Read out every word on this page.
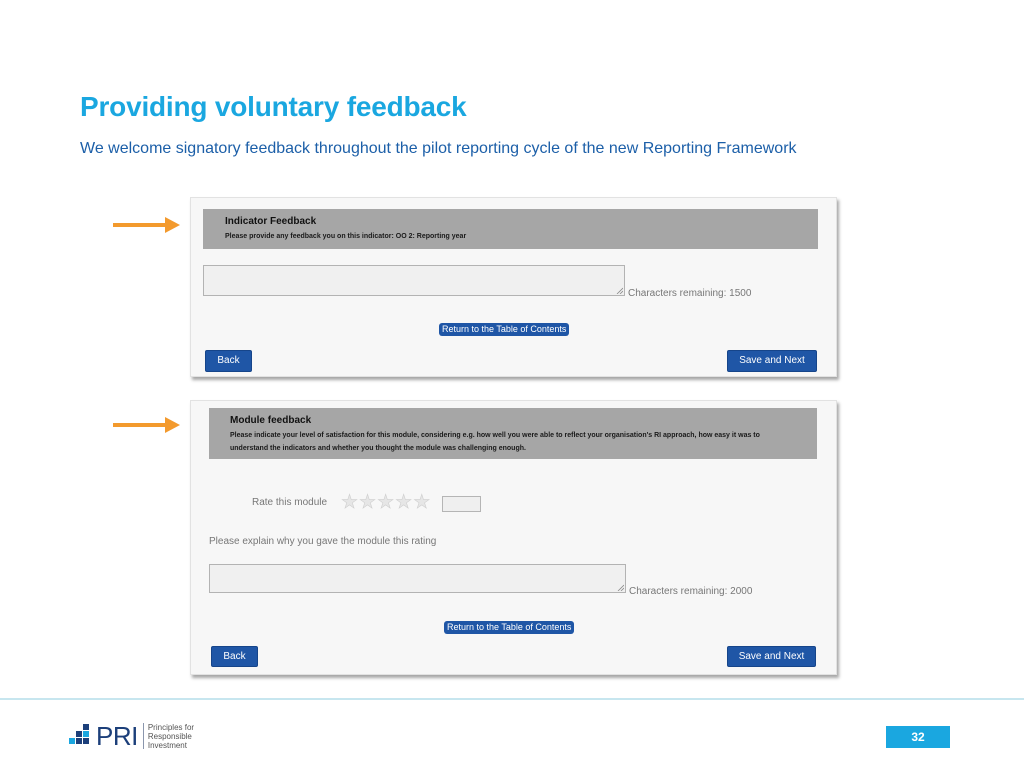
Providing voluntary feedback

We welcome signatory feedback throughout the pilot reporting cycle of the new Reporting Framework

Indicator Feedback

Please provide any feedback you on this indicator: OO 2: Reporting year

Characters remaining: 1500
Return to the Table of Contents
Back	Save and Next

Module feedback

Please indicate your level of satisfaction for this module, considering e.g. how well you were able to reflect your organisation's RI approach, how easy it was to

understand the indicators and whether you thought the module was challenging enough.

Rate this module ★ ★ ★ ★ ★
Please explain why you gave the module this rating
Characters remaining: 2000
Return to the Table of Contents
Back	Save and Next
PRI Principles for
Responsible
Investment
32
